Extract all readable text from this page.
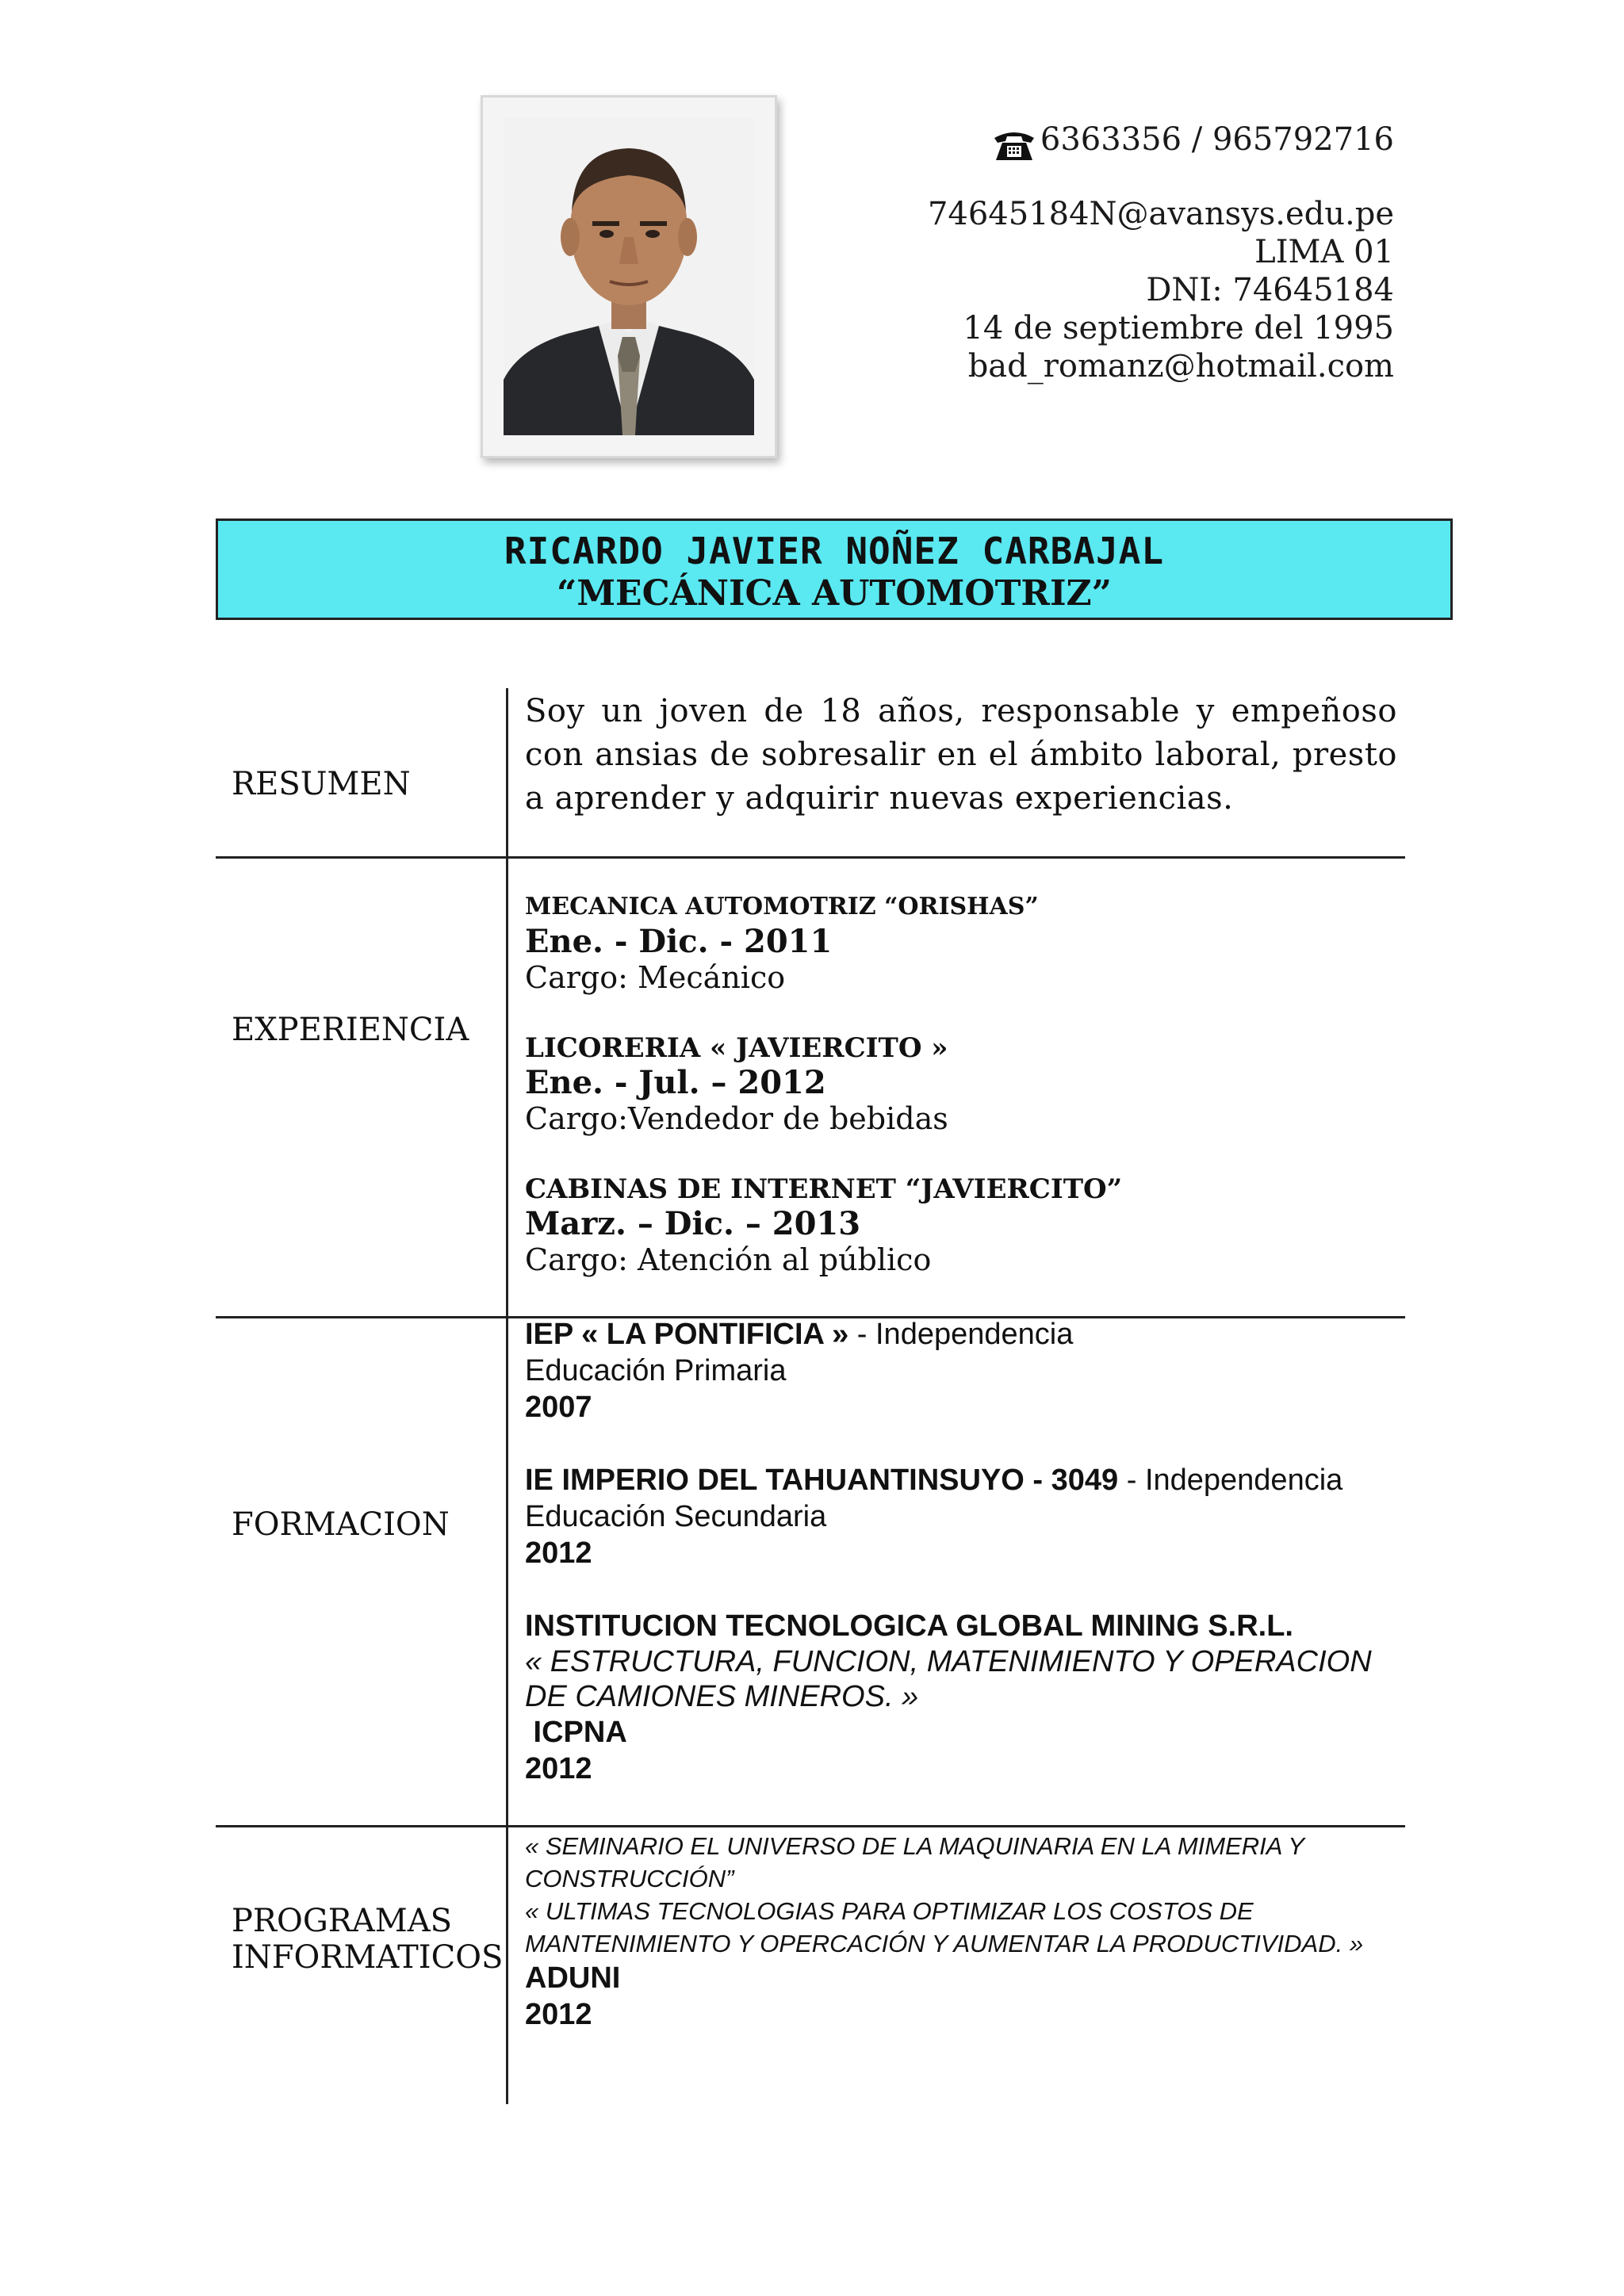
6363356 / 965792716
74645184N@avansys.edu.pe
LIMA 01
DNI: 74645184
14 de septiembre del 1995
bad_romanz@hotmail.com
RICARDO JAVIER NOÑEZ CARBAJAL
“MECÁNICA AUTOMOTRIZ”
RESUMEN
Soy un joven de 18 años, responsable y empeñoso con ansias de sobresalir en el ámbito laboral, presto a aprender y adquirir nuevas experiencias.
EXPERIENCIA
MECANICA AUTOMOTRIZ “ORISHAS”
Ene. - Dic. - 2011
Cargo: Mecánico
LICORERIA « JAVIERCITO »
Ene. - Jul. – 2012
Cargo:Vendedor de bebidas
CABINAS DE INTERNET “JAVIERCITO”
Marz. – Dic. – 2013
Cargo: Atención al público
FORMACION
IEP « LA PONTIFICIA » - Independencia
Educación Primaria
2007
IE IMPERIO DEL TAHUANTINSUYO - 3049 - Independencia
Educación Secundaria
2012
INSTITUCION TECNOLOGICA GLOBAL MINING S.R.L.
« ESTRUCTURA, FUNCION, MATENIMIENTO Y OPERACION DE CAMIONES MINEROS. »
ICPNA
2012
PROGRAMAS
INFORMATICOS
« SEMINARIO EL UNIVERSO DE LA MAQUINARIA EN LA MIMERIA Y CONSTRUCCIÓN”
« ULTIMAS TECNOLOGIAS PARA OPTIMIZAR LOS COSTOS DE MANTENIMIENTO Y OPERCACIÓN Y AUMENTAR LA PRODUCTIVIDAD. »
ADUNI
2012
